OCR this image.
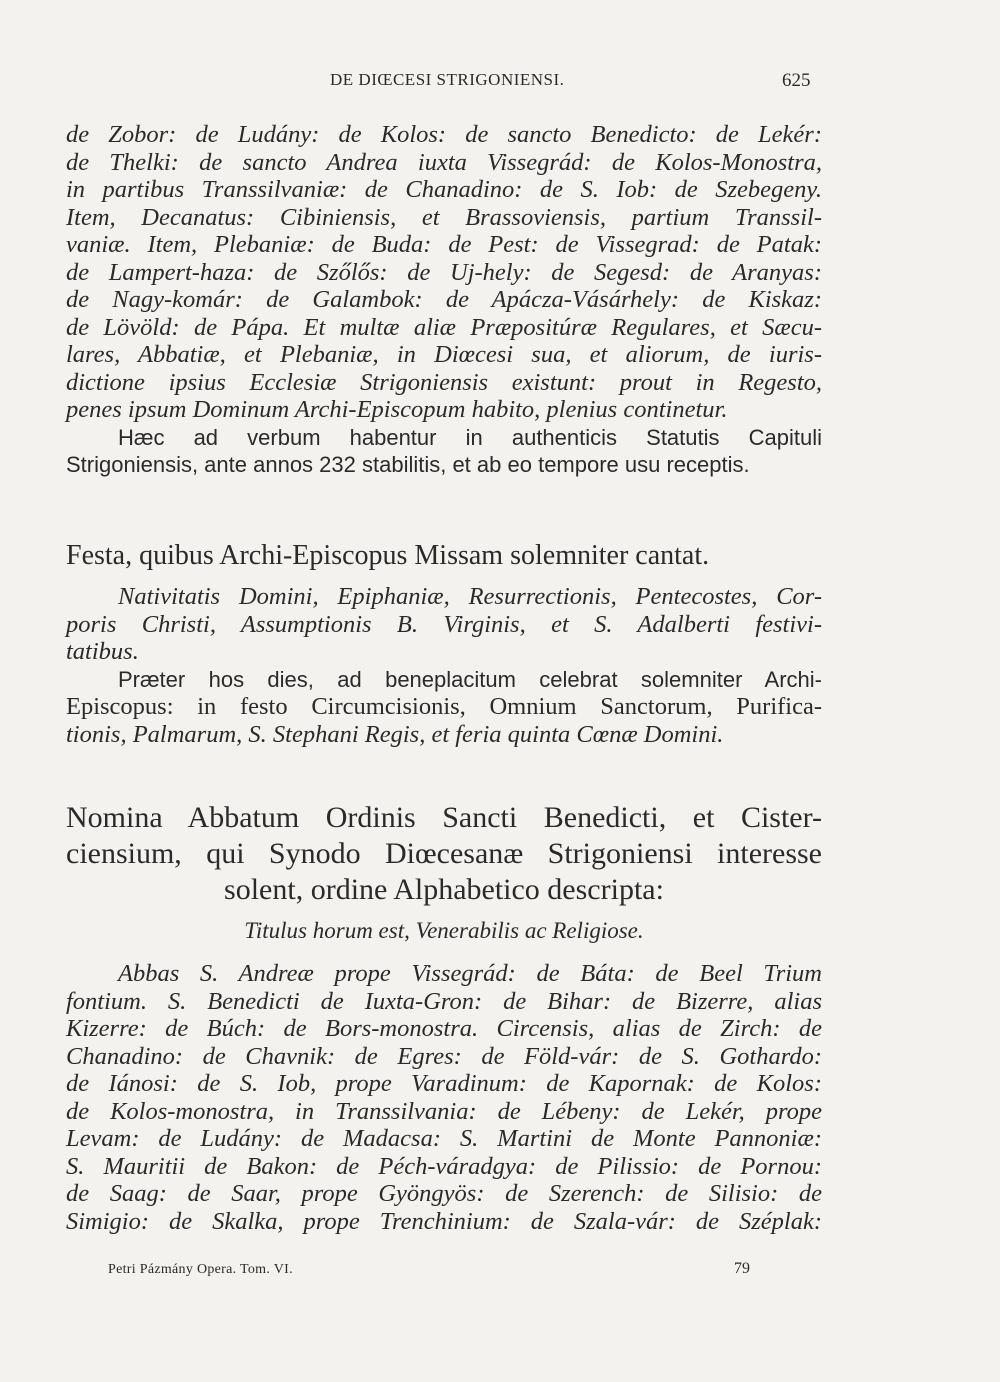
DE DIŒCESI STRIGONIENSI.	625
de Zobor: de Ludány: de Kolos: de sancto Benedicto: de Lekér:
de Thelki: de sancto Andrea iuxta Vissegrád: de Kolos-Monostra,
in partibus Transsilvaniæ: de Chanadino: de S. Iob: de Szebegeny.
Item, Decanatus: Cibiniensis, et Brassoviensis, partium Transsil-
vaniæ. Item, Plebaniæ: de Buda: de Pest: de Vissegrad: de Patak:
de Lampert-haza: de Szőlős: de Uj-hely: de Segesd: de Aranyas:
de Nagy-komár: de Galambok: de Apácza-Vásárhely: de Kiskaz:
de Lövöld: de Pápa. Et multæ aliæ Præpositúræ Regulares, et Sæcu-
lares, Abbatiæ, et Plebaniæ, in Diœcesi sua, et aliorum, de iuris-
dictione ipsius Ecclesiæ Strigoniensis existunt: prout in Regesto,
penes ipsum Dominum Archi-Episcopum habito, plenius continetur.
Hæc ad verbum habentur in authenticis Statutis Capituli
Strigoniensis, ante annos 232 stabilitis, et ab eo tempore usu receptis.
Festa, quibus Archi-Episcopus Missam solemniter cantat.
Nativitatis Domini, Epiphaniæ, Resurrectionis, Pentecostes, Cor-
poris Christi, Assumptionis B. Virginis, et S. Adalberti festivi-
tatibus.
Præter hos dies, ad beneplacitum celebrat solemniter Archi-
Episcopus: in festo Circumcisionis, Omnium Sanctorum, Purifica-
tionis, Palmarum, S. Stephani Regis, et feria quinta Cœnæ Domini.
Nomina Abbatum Ordinis Sancti Benedicti, et Cister-
ciensium, qui Synodo Diœcesanæ Strigoniensi interesse
solent, ordine Alphabetico descripta:
Titulus horum est, Venerabilis ac Religiose.
Abbas S. Andreæ prope Vissegrád: de Báta: de Beel Trium
fontium. S. Benedicti de Iuxta-Gron: de Bihar: de Bizerre, alias
Kizerre: de Búch: de Bors-monostra. Circensis, alias de Zirch: de
Chanadino: de Chavnik: de Egres: de Föld-vár: de S. Gothardo:
de Iánosi: de S. Iob, prope Varadinum: de Kapornak: de Kolos:
de Kolos-monostra, in Transsilvania: de Lébeny: de Lekér, prope
Levam: de Ludány: de Madacsa: S. Martini de Monte Pannoniæ:
S. Mauritii de Bakon: de Péch-váradgya: de Pilissio: de Pornou:
de Saag: de Saar, prope Gyöngyös: de Szerench: de Silisio: de
Simigio: de Skalka, prope Trenchinium: de Szala-vár: de Széplak:
Petri Pázmány Opera. Tom. VI.	79
